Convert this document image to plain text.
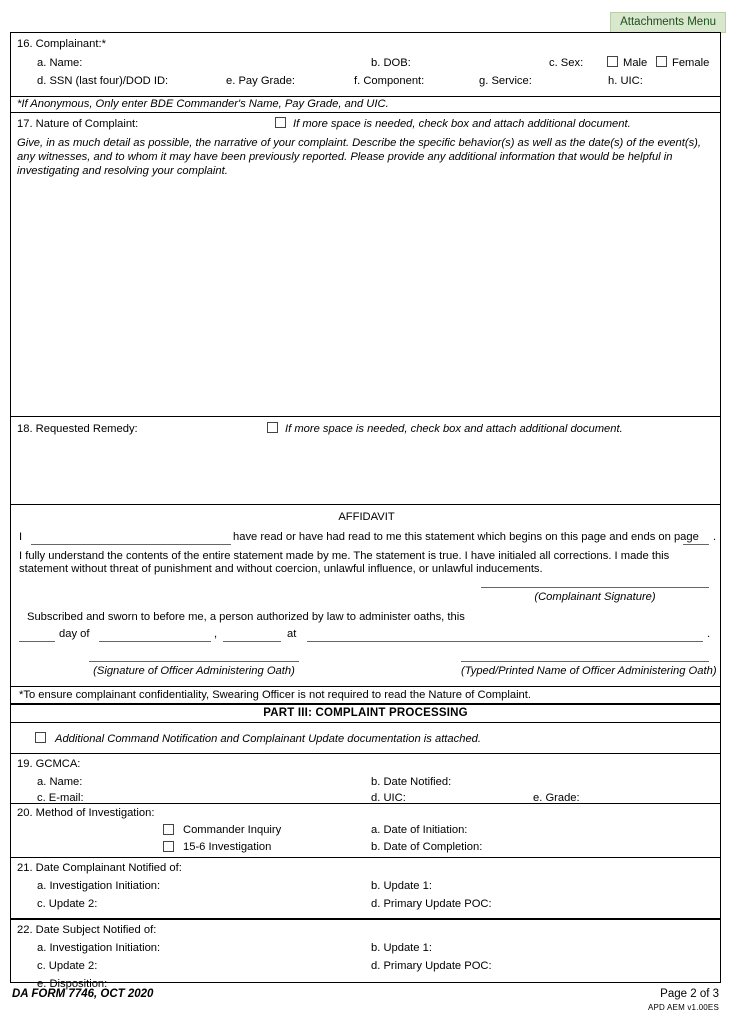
Attachments Menu
16. Complainant:*
a. Name:	b. DOB:	c. Sex:	Male Female
d. SSN (last four)/DOD ID:	e. Pay Grade:	f. Component:	g. Service:	h. UIC:
*If Anonymous, Only enter BDE Commander's Name, Pay Grade, and UIC.
17. Nature of Complaint:	If more space is needed, check box and attach additional document.
Give, in as much detail as possible, the narrative of your complaint. Describe the specific behavior(s) as well as the date(s) of the event(s), any witnesses, and to whom it may have been previously reported. Please provide any additional information that would be helpful in investigating and resolving your complaint.
18. Requested Remedy:	If more space is needed, check box and attach additional document.
AFFIDAVIT
I	have read or have had read to me this statement which begins on this page and ends on page .
I fully understand the contents of the entire statement made by me. The statement is true. I have initialed all corrections. I made this statement without threat of punishment and without coercion, unlawful influence, or unlawful inducements.
(Complainant Signature)
Subscribed and sworn to before me, a person authorized by law to administer oaths, this
day of	,	at	.
(Signature of Officer Administering Oath)	(Typed/Printed Name of Officer Administering Oath)
*To ensure complainant confidentiality, Swearing Officer is not required to read the Nature of Complaint.
PART III: COMPLAINT PROCESSING
Additional Command Notification and Complainant Update documentation is attached.
19. GCMCA:
a. Name:	b. Date Notified:
c. E-mail:	d. UIC:	e. Grade:
20. Method of Investigation:
Commander Inquiry	a. Date of Initiation:
15-6 Investigation	b. Date of Completion:
21. Date Complainant Notified of:
a. Investigation Initiation:	b. Update 1:
c. Update 2:	d. Primary Update POC:
22. Date Subject Notified of:
a. Investigation Initiation:	b. Update 1:
c. Update 2:	d. Primary Update POC:
e. Disposition:
DA FORM 7746, OCT 2020	Page 2 of 3
APD AEM v1.00ES
